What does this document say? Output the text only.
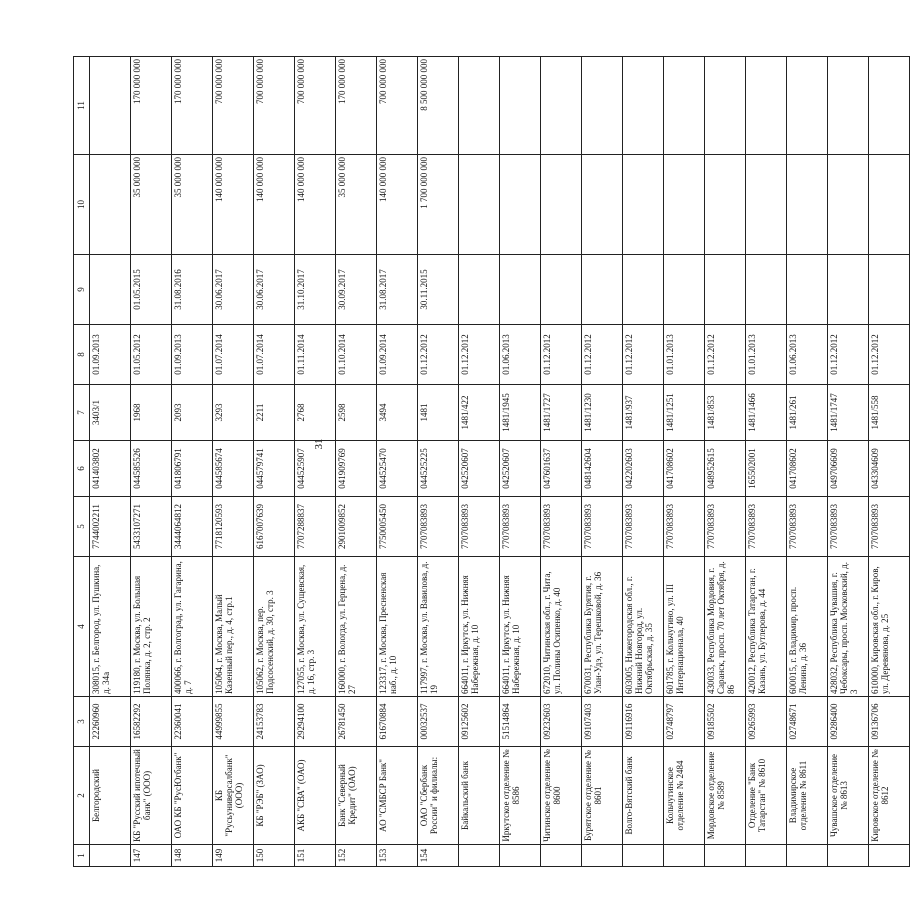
31
1	2	3	4	5	6	7	8	9	10	11
	Белгородский	22260960	308015, г. Белгород, ул. Пушкина, д. 34а	7744002211	041403802	3403/1	01.09.2013			
147	КБ "Русский ипотечный банк" (ООО)	16582292	119180, г. Москва, ул. Большая Полянка, д. 2, стр. 2	5433107271	044585526	1968	01.05.2012	01.05.2015	35 000 000	170 000 000
148	ОАО КБ "РусЮгбанк"	22360041	400066, г. Волгоград, ул. Гагарина, д. 7	3444064812	041806791	2093	01.09.2013	31.08.2016	35 000 000	170 000 000
149	КБ "Русьуниверсалбанк" (ООО)	44999855	105064, г. Москва, Малый Казенный пер., д. 4, стр.1	7718120593	044585674	3293	01.07.2014	30.06.2017	140 000 000	700 000 000
150	КБ "РЭБ" (ЗАО)	24153783	105062, г. Москва, пер. Подсосенский, д. 30, стр. 3	6167007639	044579741	2211	01.07.2014	30.06.2017	140 000 000	700 000 000
151	АКБ "СВА" (ОАО)	29294100	127055, г. Москва, ул. Сущевская, д. 16, стр. 3	7707288837	044525907	2768	01.11.2014	31.10.2017	140 000 000	700 000 000
152	Банк "Северный Кредит" (ОАО)	26781450	160000, г. Вологда, ул. Герцена, д. 27	2901009852	041909769	2598	01.10.2014	30.09.2017	35 000 000	170 000 000
153	АО "СМБСР Банк"	61670884	123317, г. Москва, Пресненская наб., д. 10	7750005450	044525470	3494	01.09.2014	31.08.2017	140 000 000	700 000 000
154	ОАО "Сбербанк России" и филиалы:	00032537	117997, г. Москва, ул. Вавилова, д. 19	7707083893	044525225	1481	01.12.2012	30.11.2015	1 700 000 000	8 500 000 000
	Байкальский банк	09125602	664011, г. Иркутск, ул. Нижняя Набережная, д. 10	7707083893	042520607	1481/422	01.12.2012			
	Иркутское отделение № 8586	51514864	664011, г. Иркутск, ул. Нижняя Набережная, д. 10	7707083893	042520607	1481/1945	01.06.2013			
	Читинское отделение № 8600	09232603	672010, Читинская обл., г. Чита, ул. Полины Осипенко, д. 40	7707083893	047601637	1481/1727	01.12.2012			
	Бурятское отделение № 8601	09107403	670031, Республика Бурятия, г. Улан-Удэ, ул. Терешковой, д. 36	7707083893	048142604	1481/1230	01.12.2012			
	Волго-Вятский банк	09116916	603005, Нижегородская обл., г. Нижний Новгород, ул. Октябрьская, д. 35	7707083893	042202603	1481/937	01.12.2012			
	Кольчугинское отделение № 2484	02748797	601785, г. Кольчугино, ул. III Интернационала, 40	7707083893	041708602	1481/1251	01.01.2013			
	Мордовское отделение № 8589	09185502	430033, Республика Мордовия, г. Саранск, просп. 70 лет Октября, д. 86	7707083893	048952615	1481/853	01.12.2012			
	Отделение "Банк Татарстан" № 8610	09265993	420012, Республика Татарстан, г. Казань, ул. Бутлерова, д. 44	7707083893	165502001	1481/1466	01.01.2013			
	Владимирское отделение № 8611	02748671	600015, г. Владимир, просп. Ленина, д. 36	7707083893	041708602	1481/261	01.06.2013			
	Чувашское отделение № 8613	09286400	428032, Республика Чувашия, г. Чебоксары, просп. Московский, д. 3	7707083893	049706609	1481/1747	01.12.2012			
	Кировское отделение № 8612	09136706	610000, Кировская обл., г. Киров, ул. Деревянова, д. 25	7707083893	043304609	1481/558	01.12.2012			
